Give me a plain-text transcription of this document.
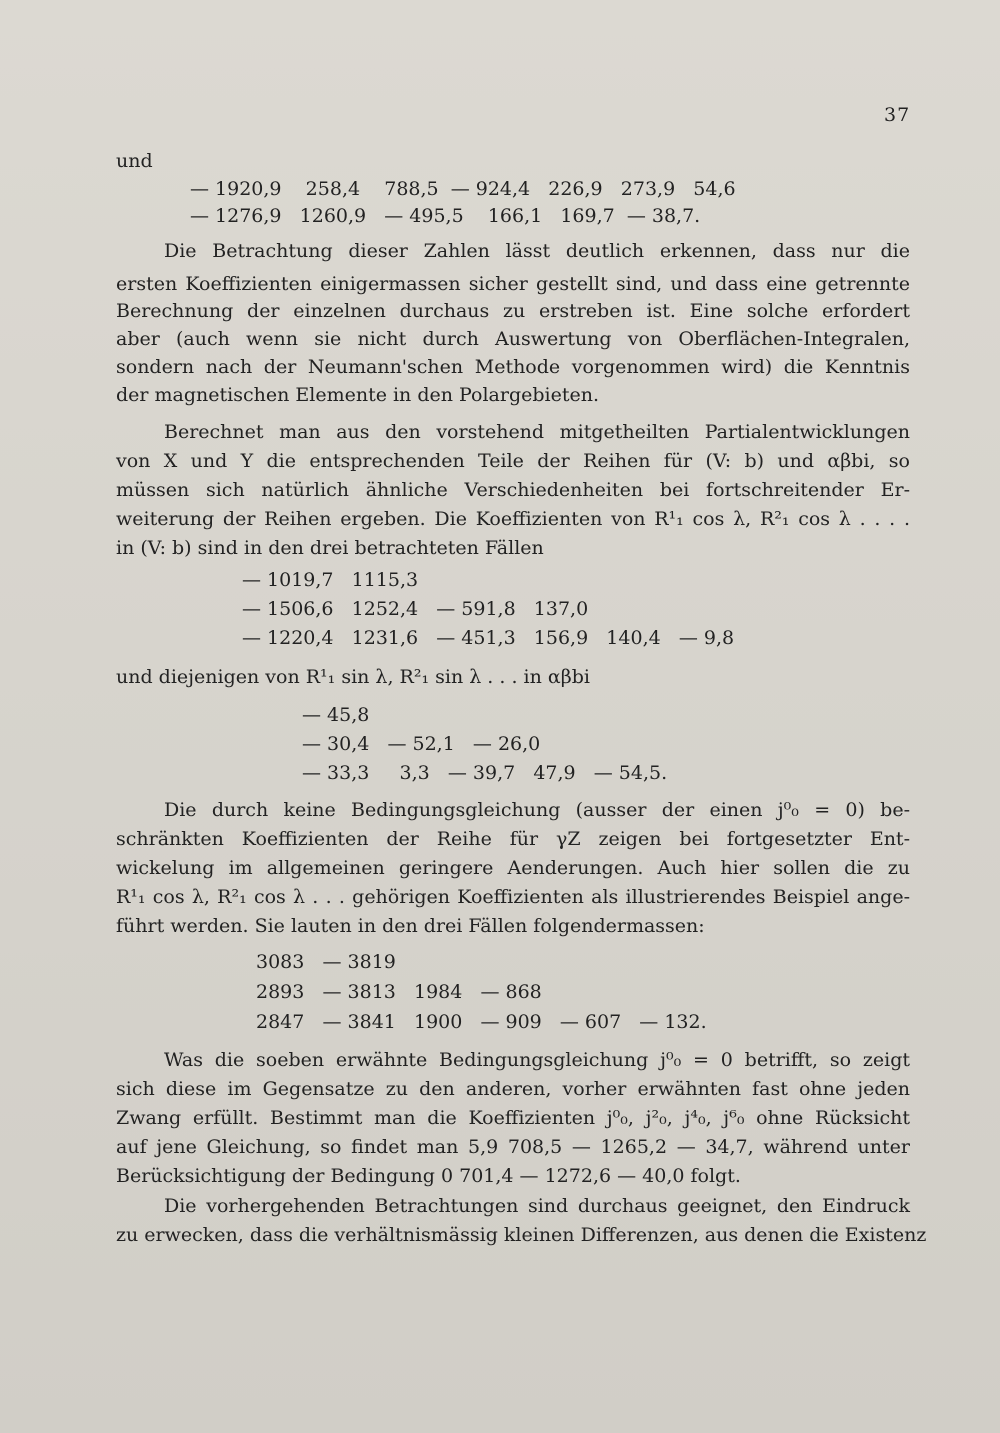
37
und
— 1920,9    258,4    788,5  — 924,4   226,9   273,9   54,6
— 1276,9   1260,9   — 495,5    166,1   169,7  — 38,7.
Die Betrachtung dieser Zahlen lässt deutlich erkennen, dass nur die
ersten Koeffizienten einigermassen sicher gestellt sind, und dass eine getrennte
Berechnung der einzelnen durchaus zu erstreben ist. Eine solche erfordert
aber (auch wenn sie nicht durch Auswertung von Oberflächen-Integralen,
sondern nach der Neumann'schen Methode vorgenommen wird) die Kenntnis
der magnetischen Elemente in den Polargebieten.
Berechnet man aus den vorstehend mitgetheilten Partialentwicklungen
von X und Y die entsprechenden Teile der Reihen für (V: b) und αβbi, so
müssen sich natürlich ähnliche Verschiedenheiten bei fortschreitender Er-
weiterung der Reihen ergeben. Die Koeffizienten von R¹₁ cos λ, R²₁ cos λ . . . .
in (V: b) sind in den drei betrachteten Fällen
— 1019,7   1115,3
— 1506,6   1252,4   — 591,8   137,0
— 1220,4   1231,6   — 451,3   156,9   140,4   — 9,8
und diejenigen von R¹₁ sin λ, R²₁ sin λ . . . in αβbi
— 45,8
— 30,4   — 52,1   — 26,0
— 33,3     3,3   — 39,7   47,9   — 54,5.
Die durch keine Bedingungsgleichung (ausser der einen j⁰₀ = 0) be-
schränkten Koeffizienten der Reihe für γZ zeigen bei fortgesetzter Ent-
wickelung im allgemeinen geringere Aenderungen. Auch hier sollen die zu
R¹₁ cos λ, R²₁ cos λ . . . gehörigen Koeffizienten als illustrierendes Beispiel ange-
führt werden. Sie lauten in den drei Fällen folgendermassen:
3083   — 3819
2893   — 3813   1984   — 868
2847   — 3841   1900   — 909   — 607   — 132.
Was die soeben erwähnte Bedingungsgleichung j⁰₀ = 0 betrifft, so zeigt
sich diese im Gegensatze zu den anderen, vorher erwähnten fast ohne jeden
Zwang erfüllt. Bestimmt man die Koeffizienten j⁰₀, j²₀, j⁴₀, j⁶₀ ohne Rücksicht
auf jene Gleichung, so findet man 5,9 708,5 — 1265,2 — 34,7, während unter
Berücksichtigung der Bedingung 0 701,4 — 1272,6 — 40,0 folgt.
Die vorhergehenden Betrachtungen sind durchaus geeignet, den Eindruck
zu erwecken, dass die verhältnismässig kleinen Differenzen, aus denen die Existenz
